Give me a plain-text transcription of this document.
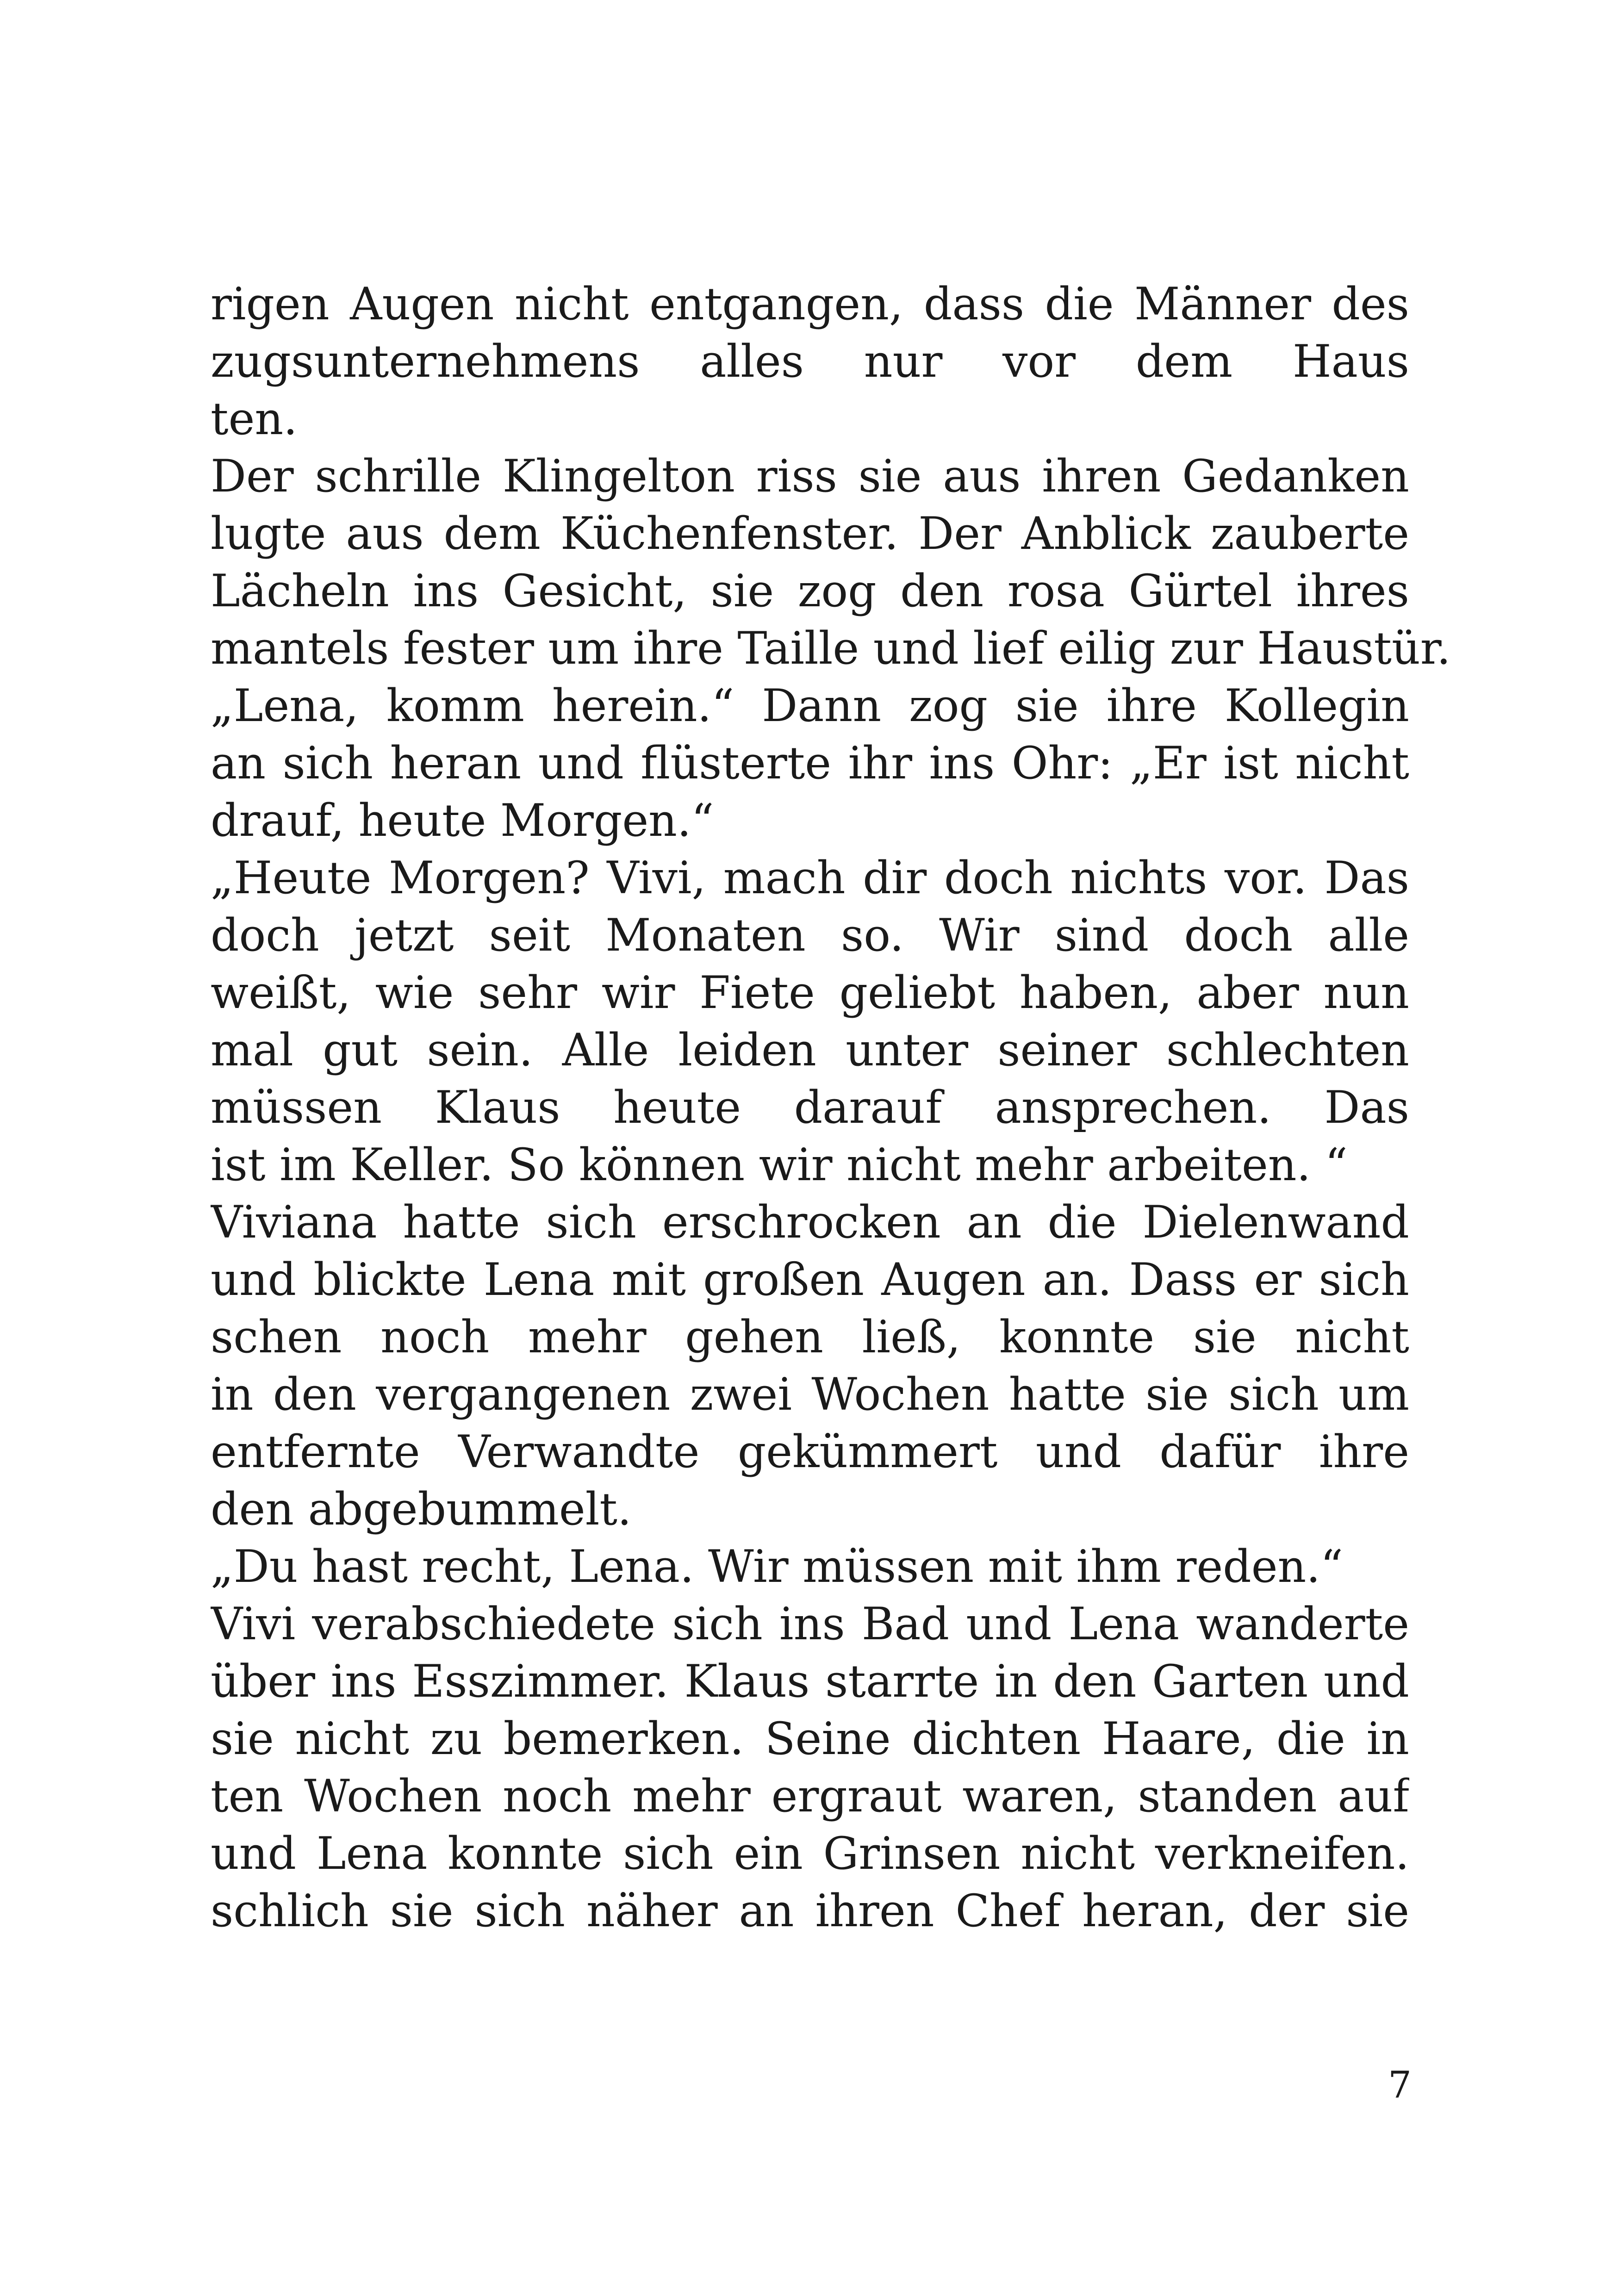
rigen Augen nicht entgangen, dass die Männer des
zugsunternehmens alles nur vor dem Haus
ten.
Der schrille Klingelton riss sie aus ihren Gedanken
lugte aus dem Küchenfenster. Der Anblick zauberte
Lächeln ins Gesicht, sie zog den rosa Gürtel ihres
mantels fester um ihre Taille und lief eilig zur Haustür.
„Lena, komm herein.“ Dann zog sie ihre Kollegin
an sich heran und flüsterte ihr ins Ohr: „Er ist nicht
drauf, heute Morgen.“
„Heute Morgen? Vivi, mach dir doch nichts vor. Das
doch jetzt seit Monaten so. Wir sind doch alle
weißt, wie sehr wir Fiete geliebt haben, aber nun
mal gut sein. Alle leiden unter seiner schlechten
müssen Klaus heute darauf ansprechen. Das
ist im Keller. So können wir nicht mehr arbeiten. “
Viviana hatte sich erschrocken an die Dielenwand
und blickte Lena mit großen Augen an. Dass er sich
schen noch mehr gehen ließ, konnte sie nicht
in den vergangenen zwei Wochen hatte sie sich um
entfernte Verwandte gekümmert und dafür ihre
den abgebummelt.
„Du hast recht, Lena. Wir müssen mit ihm reden.“
Vivi verabschiedete sich ins Bad und Lena wanderte
über ins Esszimmer. Klaus starrte in den Garten und
sie nicht zu bemerken. Seine dichten Haare, die in
ten Wochen noch mehr ergraut waren, standen auf
und Lena konnte sich ein Grinsen nicht verkneifen.
schlich sie sich näher an ihren Chef heran, der sie
7
